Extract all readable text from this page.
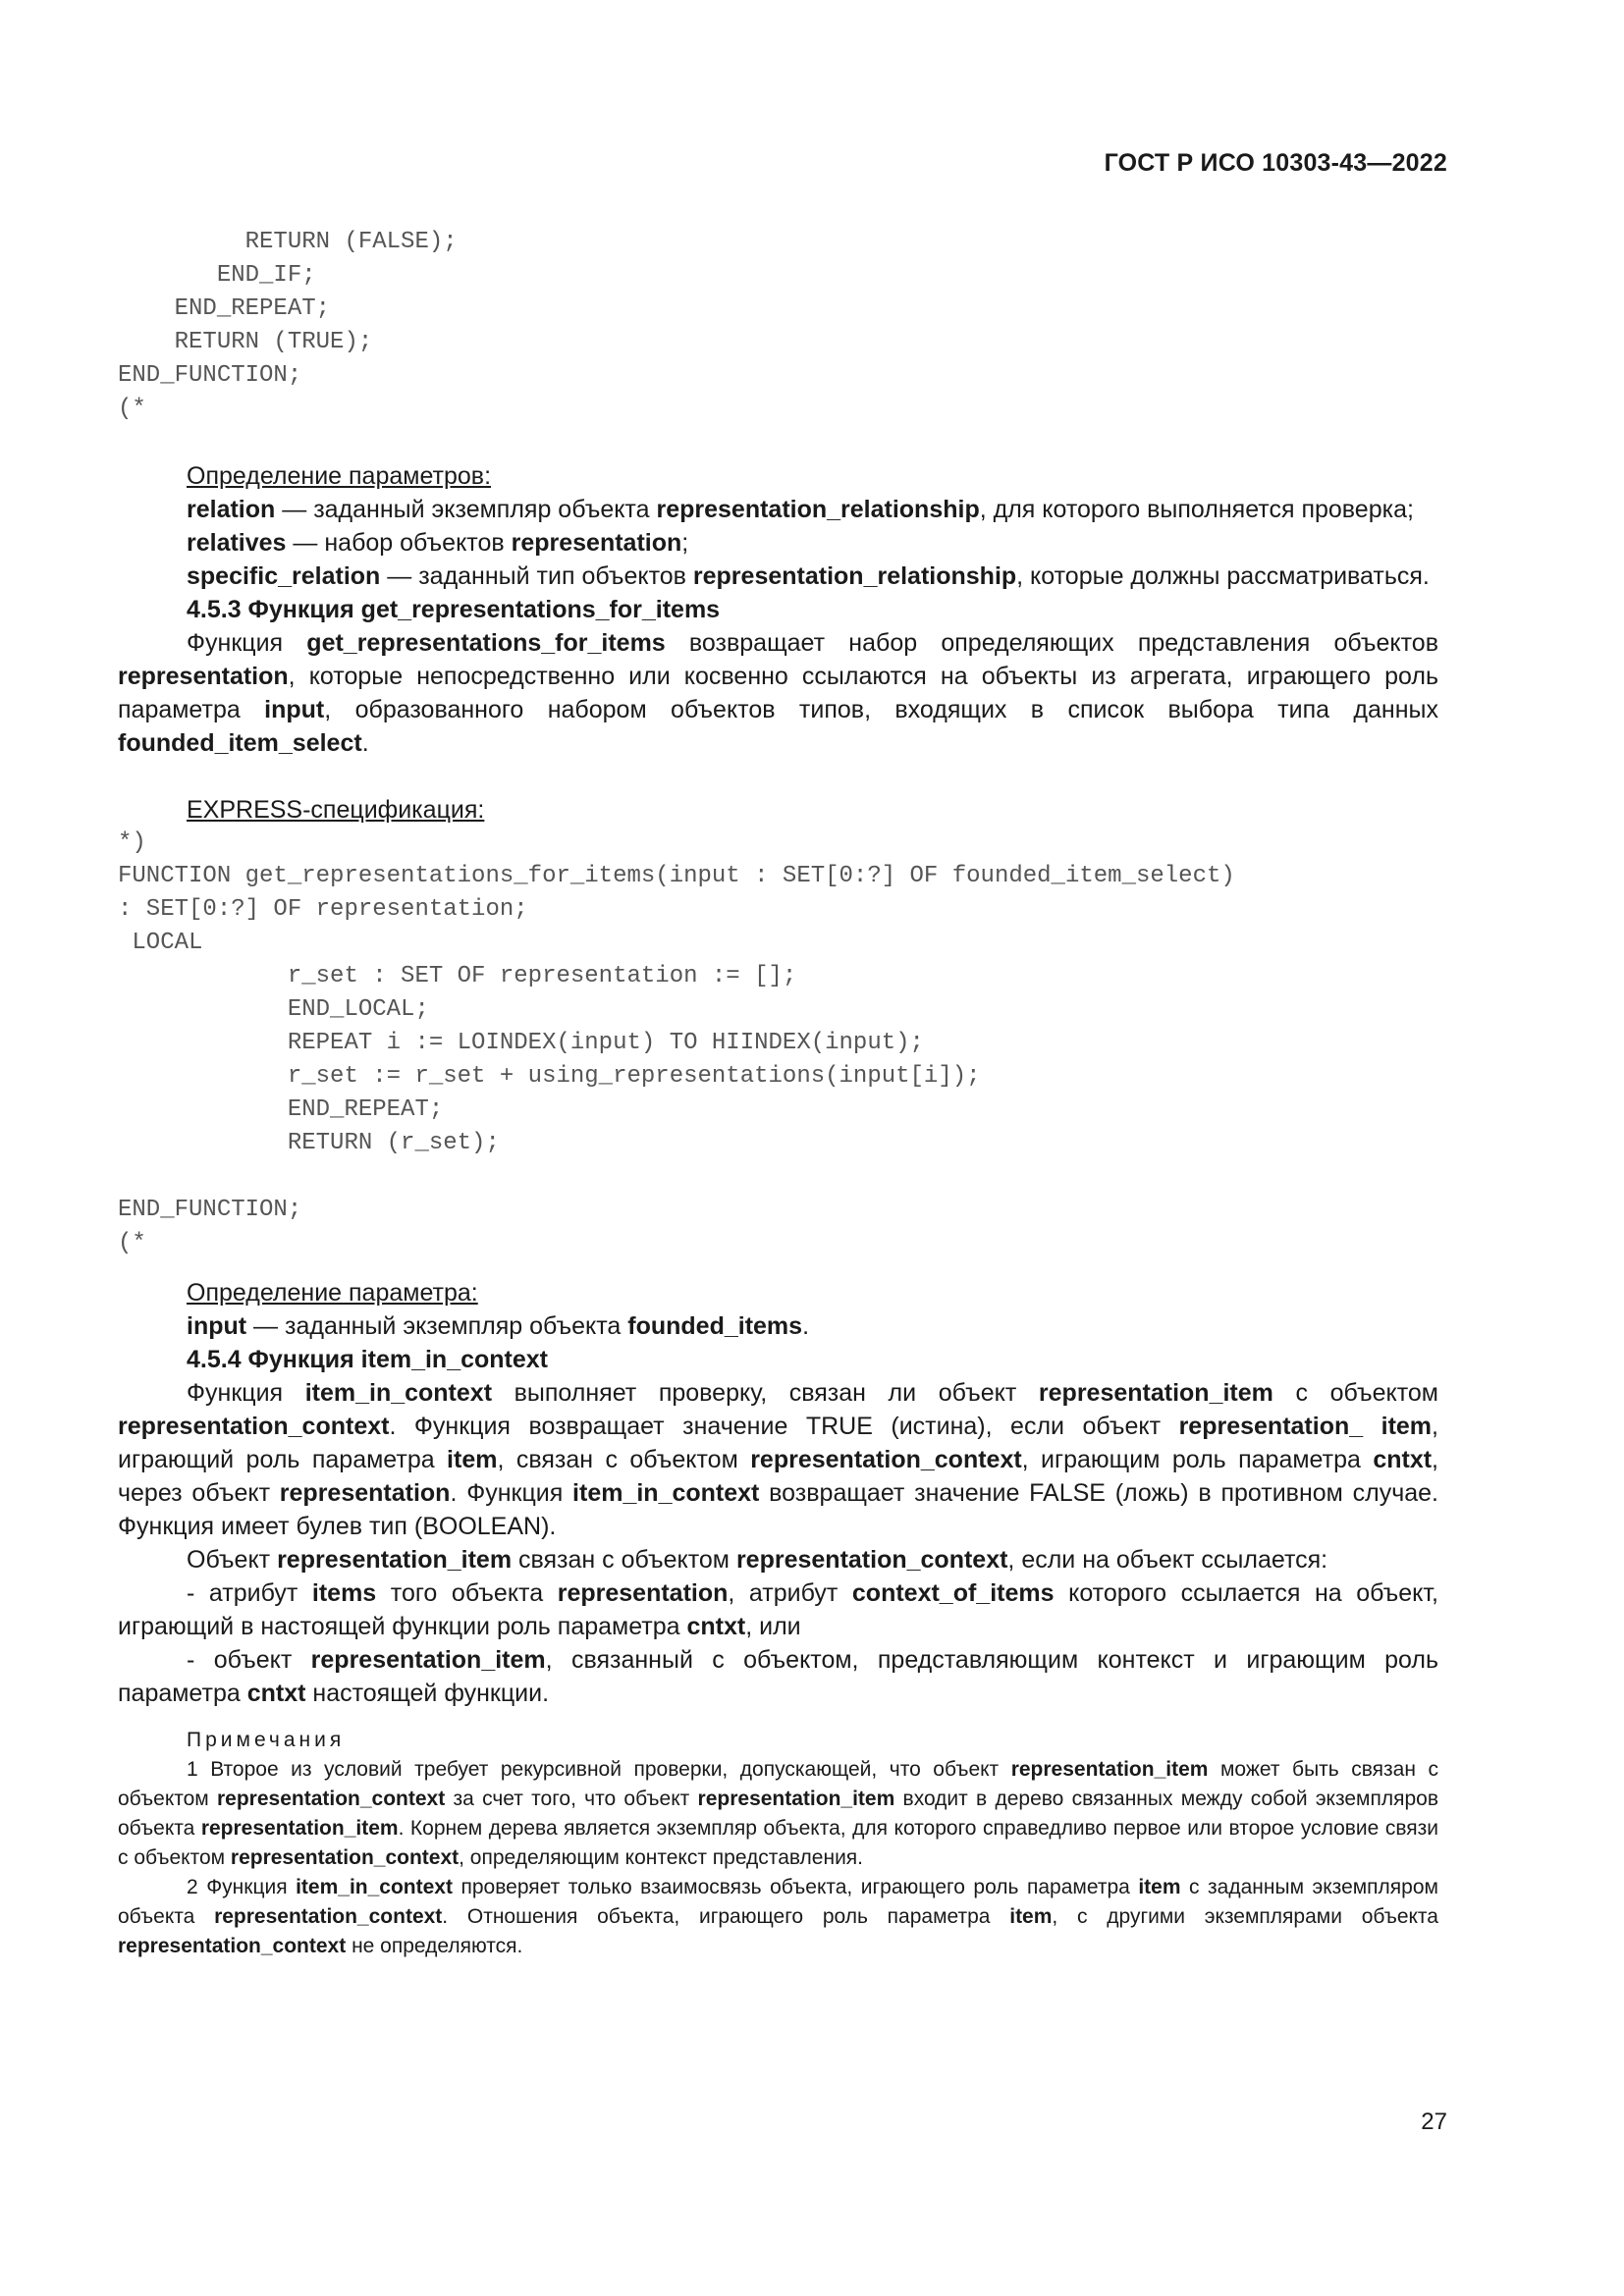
ГОСТ Р ИСО 10303-43—2022
RETURN (FALSE);
END_IF;
END_REPEAT;
RETURN (TRUE);
END_FUNCTION;
(*

Определение параметров:

relation — заданный экземпляр объекта representation_relationship, для которого выполняется проверка;

relatives — набор объектов representation;

specific_relation — заданный тип объектов representation_relationship, которые должны рассматриваться.

4.5.3 Функция get_representations_for_items

Функция get_representations_for_items возвращает набор определяющих представления объектов representation, которые непосредственно или косвенно ссылаются на объекты из агрегата, играющего роль параметра input, образованного набором объектов типов, входящих в список выбора типа данных founded_item_select.

EXPRESS-спецификация:

*)
FUNCTION get_representations_for_items(input : SET[0:?] OF founded_item_select)
: SET[0:?] OF representation;
LOCAL
r_set : SET OF representation := [];
END_LOCAL;
REPEAT i := LOINDEX(input) TO HIINDEX(input);
r_set := r_set + using_representations(input[i]);
END_REPEAT;
RETURN (r_set);

END_FUNCTION;
(*

Определение параметра:

input — заданный экземпляр объекта founded_items.

4.5.4 Функция item_in_context

Функция item_in_context выполняет проверку, связан ли объект representation_item с объектом representation_context. Функция возвращает значение TRUE (истина), если объект representation_ item, играющий роль параметра item, связан с объектом representation_context, играющим роль параметра cntxt, через объект representation. Функция item_in_context возвращает значение FALSE (ложь) в противном случае. Функция имеет булев тип (BOOLEAN).

Объект representation_item связан с объектом representation_context, если на объект ссылается:

- атрибут items того объекта representation, атрибут context_of_items которого ссылается на объект, играющий в настоящей функции роль параметра cntxt, или

- объект representation_item, связанный с объектом, представляющим контекст и играющим роль параметра cntxt настоящей функции.

Примечания

1 Второе из условий требует рекурсивной проверки, допускающей, что объект representation_item может быть связан с объектом representation_context за счет того, что объект representation_item входит в дерево связанных между собой экземпляров объекта representation_item. Корнем дерева является экземпляр объекта, для которого справедливо первое или второе условие связи с объектом representation_context, определяющим контекст представления.

2 Функция item_in_context проверяет только взаимосвязь объекта, играющего роль параметра item с заданным экземпляром объекта representation_context. Отношения объекта, играющего роль параметра item, с другими экземплярами объекта representation_context не определяются.

27
